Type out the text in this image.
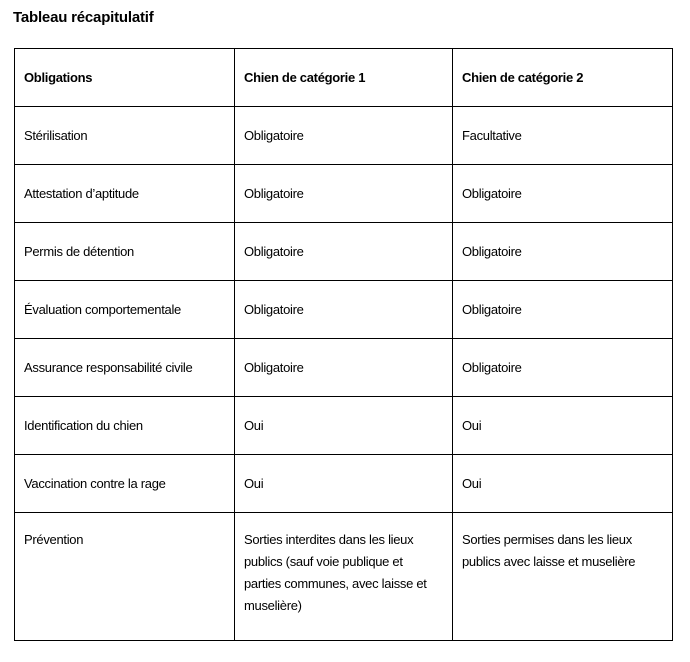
Tableau récapitulatif
Obligations	Chien de catégorie 1	Chien de catégorie 2
Stérilisation	Obligatoire	Facultative
Attestation d’aptitude	Obligatoire	Obligatoire
Permis de détention	Obligatoire	Obligatoire
Évaluation comportementale	Obligatoire	Obligatoire
Assurance responsabilité civile	Obligatoire	Obligatoire
Identification du chien	Oui	Oui
Vaccination contre la rage	Oui	Oui
Prévention	Sorties interdites dans les lieux publics (sauf voie publique et parties communes, avec laisse et muselière)	Sorties permises dans les lieux publics avec laisse et muselière
